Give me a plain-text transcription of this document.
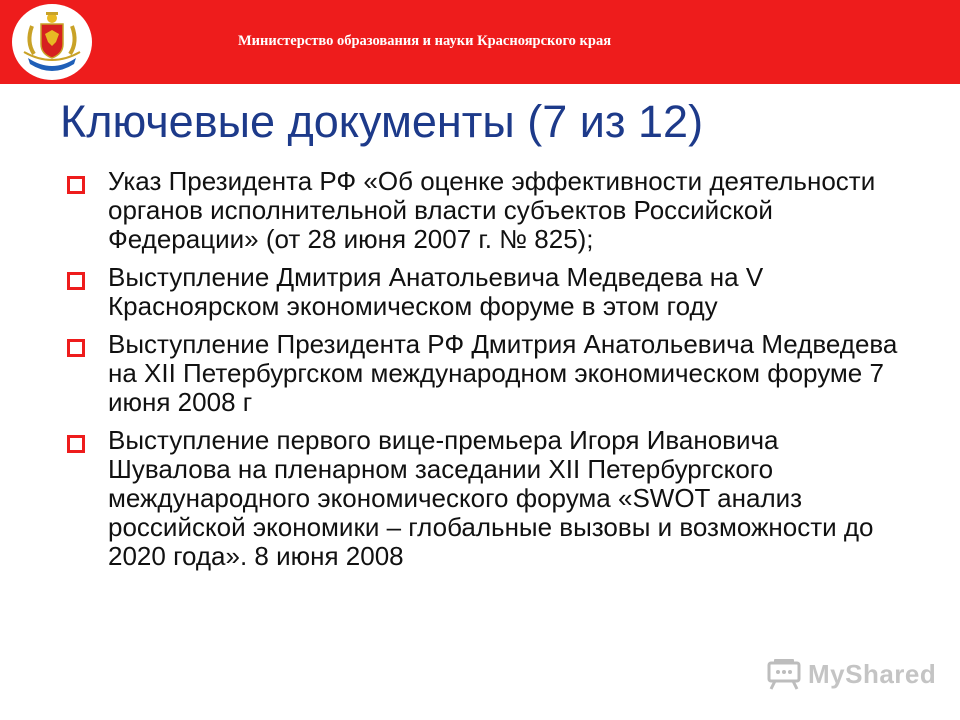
Министерство образования и науки Красноярского края
Ключевые документы (7 из 12)
Указ Президента РФ «Об оценке эффективности деятельности органов исполнительной власти субъектов Российской Федерации» (от 28 июня 2007 г. № 825);
Выступление Дмитрия Анатольевича Медведева на V Красноярском экономическом форуме в этом году
Выступление Президента РФ Дмитрия Анатольевича Медведева на XII Петербургском международном экономическом форуме 7 июня 2008 г
Выступление первого вице-премьера Игоря Ивановича Шувалова на пленарном заседании XII Петербургского международного экономического форума «SWOT анализ российской экономики – глобальные вызовы и возможности до 2020 года». 8 июня 2008
MyShared
